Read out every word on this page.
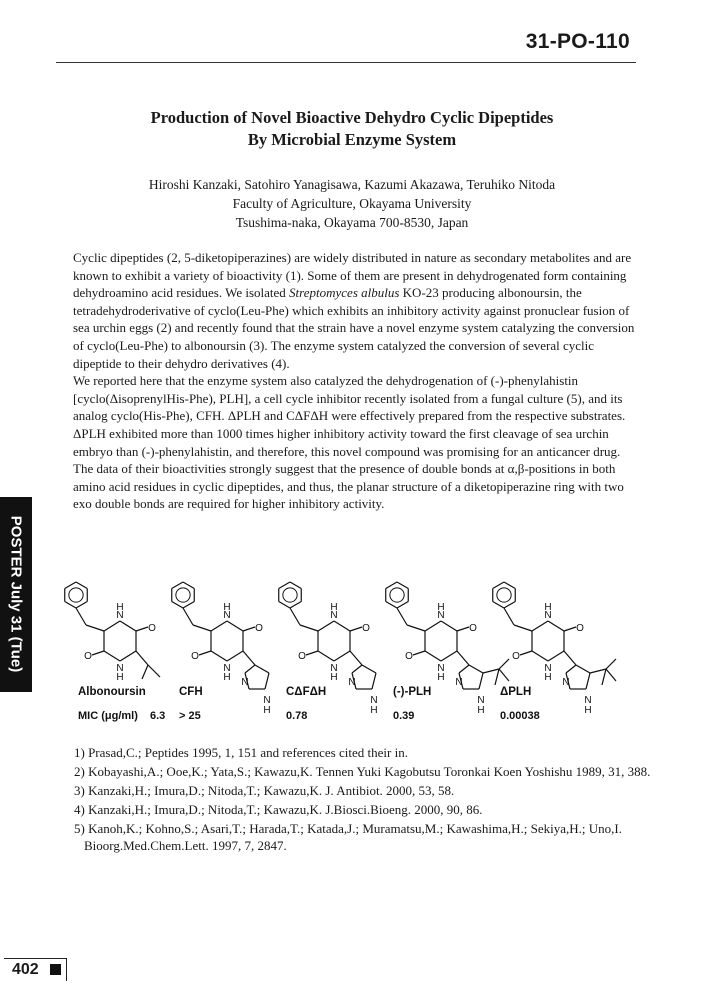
31-PO-110
Production of Novel Bioactive Dehydro Cyclic Dipeptides
By Microbial Enzyme System
Hiroshi Kanzaki, Satohiro Yanagisawa, Kazumi Akazawa, Teruhiko Nitoda
Faculty of Agriculture, Okayama University
Tsushima-naka, Okayama 700-8530, Japan

Cyclic dipeptides (2, 5-diketopiperazines) are widely distributed in nature as secondary metabolites and are known to exhibit a variety of bioactivity (1). Some of them are present in dehydrogenated form containing dehydroamino acid residues. We isolated Streptomyces albulus KO-23 producing albonoursin, the tetradehydroderivative of cyclo(Leu-Phe) which exhibits an inhibitory activity against pronuclear fusion of sea urchin eggs (2) and recently found that the strain have a novel enzyme system catalyzing the conversion of cyclo(Leu-Phe) to albonoursin (3). The enzyme system catalyzed the conversion of several cyclic dipeptide to their dehydro derivatives (4).

We reported here that the enzyme system also catalyzed the dehydrogenation of (-)-phenylahistin [cyclo(ΔisoprenylHis-Phe), PLH], a cell cycle inhibitor recently isolated from a fungal culture (5), and its analog cyclo(His-Phe), CFH. ΔPLH and CΔFΔH were effectively prepared from the respective substrates. ΔPLH exhibited more than 1000 times higher inhibitory activity toward the first cleavage of sea urchin embryo than (-)-phenylahistin, and therefore, this novel compound was promising for an anticancer drug.

The data of their bioactivities strongly suggest that the presence of double bonds at α,β-positions in both amino acid residues in cyclic dipeptides, and thus, the planar structure of a diketopiperazine ring with two exo double bonds are required for higher inhibitory activity.

POSTER July 31 (Tue)	N
H
N
H
O
O
Albonoursin
6.3
N
H
N
H
O
O
N
N
H
CFH
> 25
N
H
N
H
O
O
N
N
H
CΔFΔH
0.78
N
H
N
H
O
O
N
N
H
(-)-PLH
0.39
N
H
N
H
O
O
N
N
H
ΔPLH
0.00038
MIC (μg/ml)
1) Prasad,C.; Peptides 1995, 1, 151 and references cited their in.
2) Kobayashi,A.; Ooe,K.; Yata,S.; Kawazu,K. Tennen Yuki Kagobutsu Toronkai Koen Yoshishu 1989, 31, 388.
3) Kanzaki,H.; Imura,D.; Nitoda,T.; Kawazu,K. J. Antibiot. 2000, 53, 58.
4) Kanzaki,H.; Imura,D.; Nitoda,T.; Kawazu,K. J.Biosci.Bioeng. 2000, 90, 86.
5) Kanoh,K.; Kohno,S.; Asari,T.; Harada,T.; Katada,J.; Muramatsu,M.; Kawashima,H.; Sekiya,H.; Uno,I. Bioorg.Med.Chem.Lett. 1997, 7, 2847.
402
